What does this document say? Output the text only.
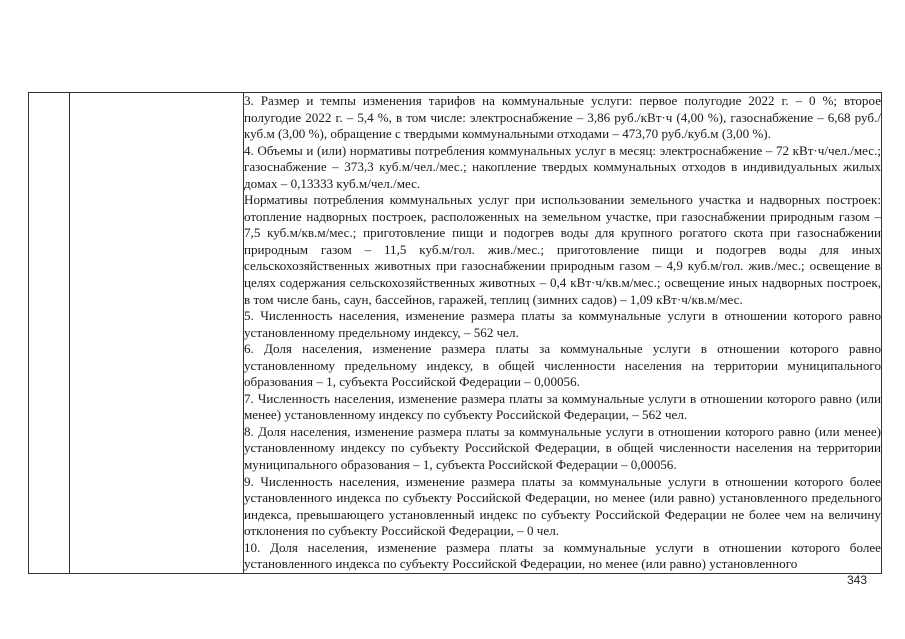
3. Размер и темпы изменения тарифов на коммунальные услуги: первое полугодие 2022 г. – 0 %; второе полугодие 2022 г. – 5,4 %, в том числе: электроснабжение – 3,86 руб./кВт·ч (4,00 %), газоснабжение – 6,68 руб./куб.м (3,00 %), обращение с твердыми коммунальными отходами – 473,70 руб./куб.м (3,00 %).

4. Объемы и (или) нормативы потребления коммунальных услуг в месяц: электроснабжение – 72 кВт·ч/чел./мес.; газоснабжение – 373,3 куб.м/чел./мес.; накопление твердых коммунальных отходов в индивидуальных жилых домах – 0,13333 куб.м/чел./мес.

Нормативы потребления коммунальных услуг при использовании земельного участка и надворных построек: отопление надворных построек, расположенных на земельном участке, при газоснабжении природным газом – 7,5 куб.м/кв.м/мес.; приготовление пищи и подогрев воды для крупного рогатого скота при газоснабжении природным газом – 11,5 куб.м/гол. жив./мес.; приготовление пищи и подогрев воды для иных сельскохозяйственных животных при газоснабжении природным газом – 4,9 куб.м/гол. жив./мес.; освещение в целях содержания сельскохозяйственных животных – 0,4 кВт·ч/кв.м/мес.; освещение иных надворных построек, в том числе бань, саун, бассейнов, гаражей, теплиц (зимних садов) – 1,09 кВт·ч/кв.м/мес.

5. Численность населения, изменение размера платы за коммунальные услуги в отношении которого равно установленному предельному индексу, – 562 чел.

6. Доля населения, изменение размера платы за коммунальные услуги в отношении которого равно установленному предельному индексу, в общей численности населения на территории муниципального образования – 1, субъекта Российской Федерации – 0,00056.

7. Численность населения, изменение размера платы за коммунальные услуги в отношении которого равно (или менее) установленному индексу по субъекту Российской Федерации, – 562 чел.

8. Доля населения, изменение размера платы за коммунальные услуги в отношении которого равно (или менее) установленному индексу по субъекту Российской Федерации, в общей численности населения на территории муниципального образования – 1, субъекта Российской Федерации – 0,00056.

9. Численность населения, изменение размера платы за коммунальные услуги в отношении которого более установленного индекса по субъекту Российской Федерации, но менее (или равно) установленного предельного индекса, превышающего установленный индекс по субъекту Российской Федерации не более чем на величину отклонения по субъекту Российской Федерации, – 0 чел.

10. Доля населения, изменение размера платы за коммунальные услуги в отношении которого более установленного индекса по субъекту Российской Федерации, но менее (или равно) установленного

343
